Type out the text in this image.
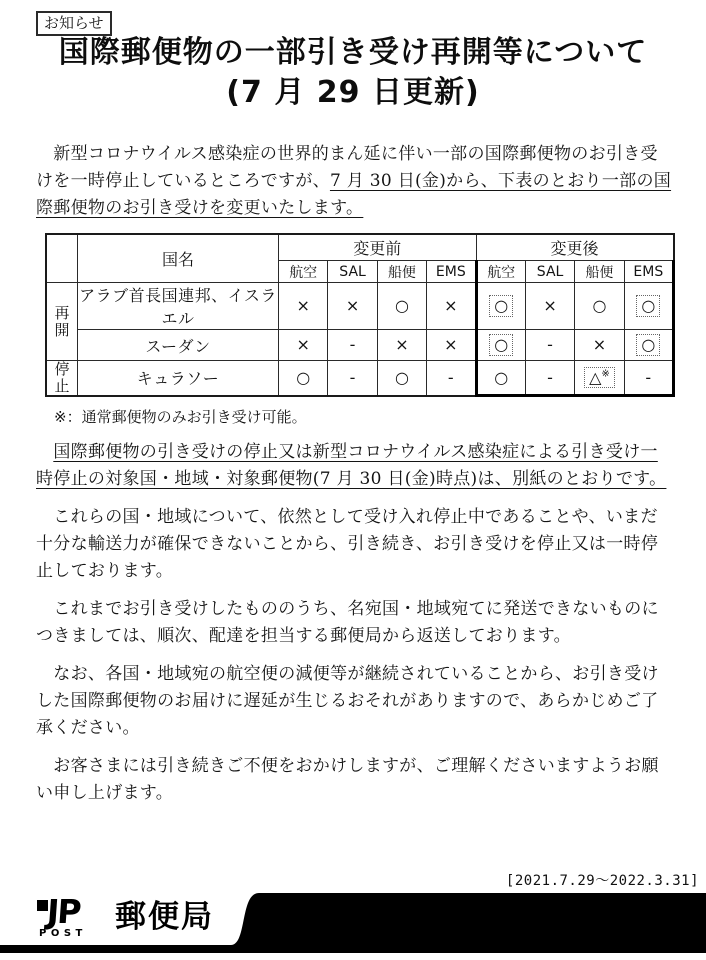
お知らせ
国際郵便物の一部引き受け再開等について
(7 月 29 日更新)

　新型コロナウイルス感染症の世界的まん延に伴い一部の国際郵便物のお引き受けを一時停止しているところですが、7 月 30 日(金)から、下表のとおり一部の国際郵便物のお引き受けを変更いたします。

	国名	変更前				変更後			
		航空	SAL	船便	EMS	航空	SAL	船便	EMS
再開	アラブ首長国連邦、イスラエル	×	×	○	×	○	×	○	○
	スーダン	×	-	×	×	○	-	×	○
停止	キュラソー	○	-	○	-	○	-	△※	-
※：通常郵便物のみお引き受け可能。

　国際郵便物の引き受けの停止又は新型コロナウイルス感染症による引き受け一時停止の対象国・地域・対象郵便物(7 月 30 日(金)時点)は、別紙のとおりです。

　これらの国・地域について、依然として受け入れ停止中であることや、いまだ十分な輸送力が確保できないことから、引き続き、お引き受けを停止又は一時停止しております。

　これまでお引き受けしたもののうち、名宛国・地域宛てに発送できないものにつきましては、順次、配達を担当する郵便局から返送しております。

　なお、各国・地域宛の航空便の減便等が継続されていることから、お引き受けした国際郵便物のお届けに遅延が生じるおそれがありますので、あらかじめご了承ください。

　お客さまには引き続きご不便をおかけしますが、ご理解くださいますようお願い申し上げます。

[2021.7.29～2022.3.31]
JP
POST 郵便局
